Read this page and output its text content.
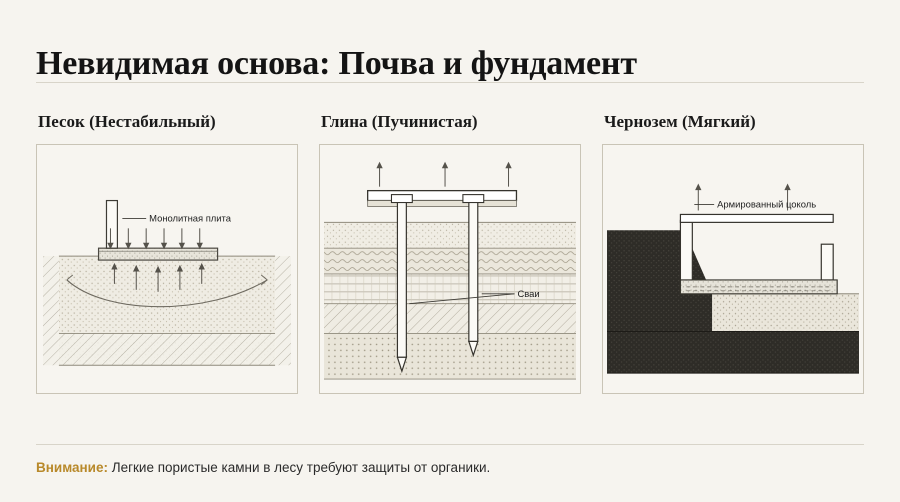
Невидимая основа: Почва и фундамент
Песок (Нестабильный)
Монолитная плита
Глина (Пучинистая)
Сваи
Чернозем (Мягкий)
Армированный цоколь
Внимание: Легкие пористые камни в лесу требуют защиты от органики.
